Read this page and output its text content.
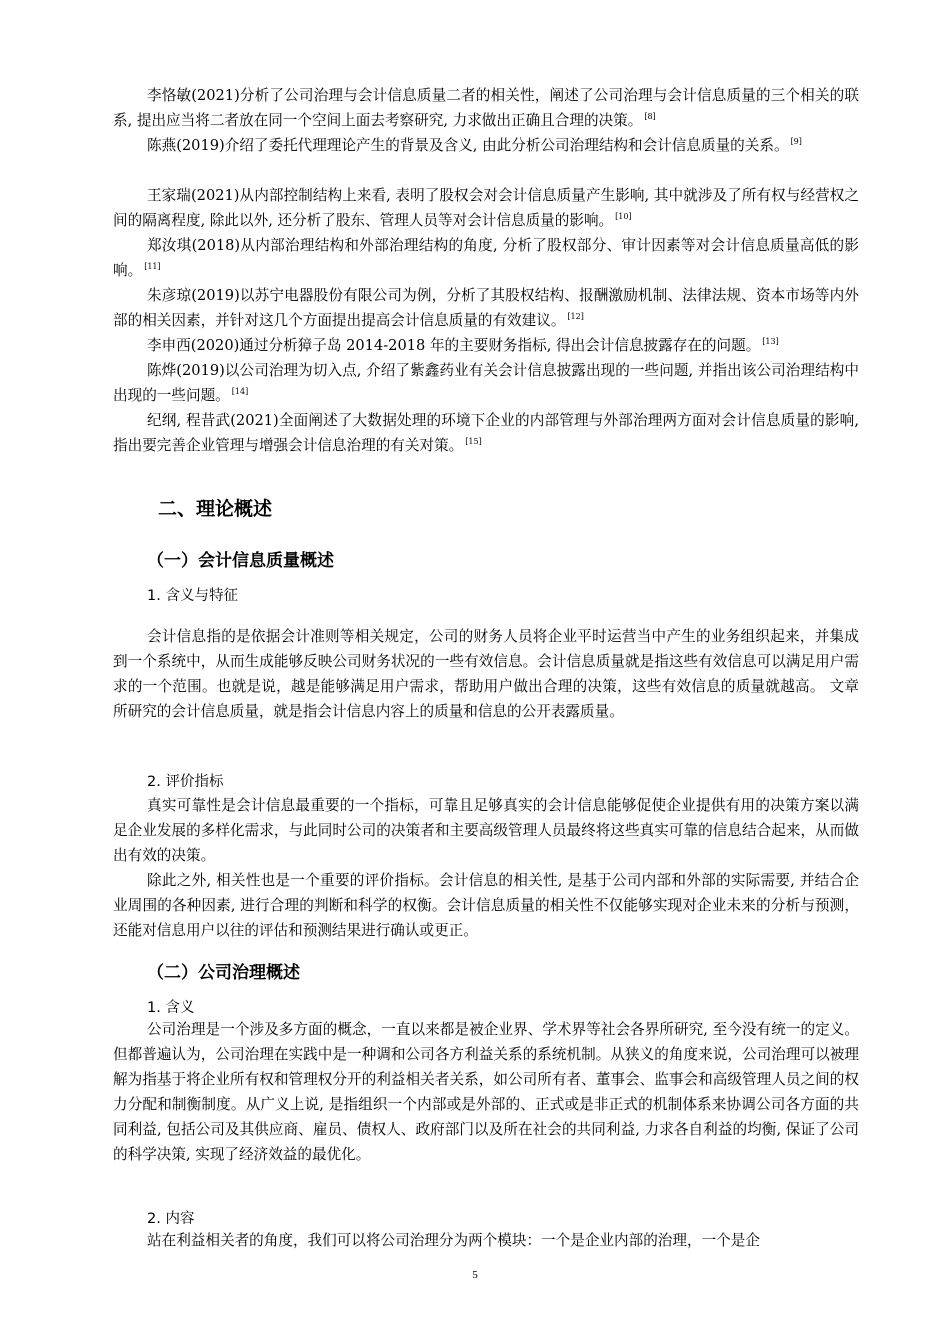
李恪敏(2021)分析了公司治理与会计信息质量二者的相关性，阐述了公司治理与会计信息质量的三个相关的联系, 提出应当将二者放在同一个空间上面去考察研究, 力求做出正确且合理的决策。 [8]

陈燕(2019)介绍了委托代理理论产生的背景及含义, 由此分析公司治理结构和会计信息质量的关系。 [9]

王家瑞(2021)从内部控制结构上来看, 表明了股权会对会计信息质量产生影响, 其中就涉及了所有权与经营权之间的隔离程度, 除此以外, 还分析了股东、管理人员等对会计信息质量的影响。 [10]

郑汝琪(2018)从内部治理结构和外部治理结构的角度, 分析了股权部分、审计因素等对会计信息质量高低的影响。 [11]

朱彦琼(2019)以苏宁电器股份有限公司为例，分析了其股权结构、报酬激励机制、法律法规、资本市场等内外部的相关因素，并针对这几个方面提出提高会计信息质量的有效建议。 [12]

李申西(2020)通过分析獐子岛 2014-2018 年的主要财务指标, 得出会计信息披露存在的问题。 [13]

陈烨(2019)以公司治理为切入点, 介绍了紫鑫药业有关会计信息披露出现的一些问题, 并指出该公司治理结构中出现的一些问题。 [14]

纪纲, 程昔武(2021)全面阐述了大数据处理的环境下企业的内部管理与外部治理两方面对会计信息质量的影响, 指出要完善企业管理与增强会计信息治理的有关对策。 [15]

二、理论概述
（一）会计信息质量概述
1. 含义与特征

会计信息指的是依据会计准则等相关规定，公司的财务人员将企业平时运营当中产生的业务组织起来，并集成到一个系统中，从而生成能够反映公司财务状况的一些有效信息。会计信息质量就是指这些有效信息可以满足用户需求的一个范围。也就是说，越是能够满足用户需求，帮助用户做出合理的决策，这些有效信息的质量就越高。 文章所研究的会计信息质量，就是指会计信息内容上的质量和信息的公开表露质量。

2. 评价指标

真实可靠性是会计信息最重要的一个指标，可靠且足够真实的会计信息能够促使企业提供有用的决策方案以满足企业发展的多样化需求，与此同时公司的决策者和主要高级管理人员最终将这些真实可靠的信息结合起来，从而做出有效的决策。

除此之外, 相关性也是一个重要的评价指标。会计信息的相关性, 是基于公司内部和外部的实际需要, 并结合企业周围的各种因素, 进行合理的判断和科学的权衡。会计信息质量的相关性不仅能够实现对企业未来的分析与预测，还能对信息用户以往的评估和预测结果进行确认或更正。

（二）公司治理概述
1. 含义

公司治理是一个涉及多方面的概念，一直以来都是被企业界、学术界等社会各界所研究, 至今没有统一的定义。但都普遍认为，公司治理在实践中是一种调和公司各方利益关系的系统机制。从狭义的角度来说，公司治理可以被理解为指基于将企业所有权和管理权分开的利益相关者关系，如公司所有者、董事会、监事会和高级管理人员之间的权力分配和制衡制度。从广义上说, 是指组织一个内部或是外部的、正式或是非正式的机制体系来协调公司各方面的共同利益, 包括公司及其供应商、雇员、债权人、政府部门以及所在社会的共同利益, 力求各自利益的均衡, 保证了公司的科学决策, 实现了经济效益的最优化。

2. 内容

站在利益相关者的角度，我们可以将公司治理分为两个模块：一个是企业内部的治理，一个是企

5
